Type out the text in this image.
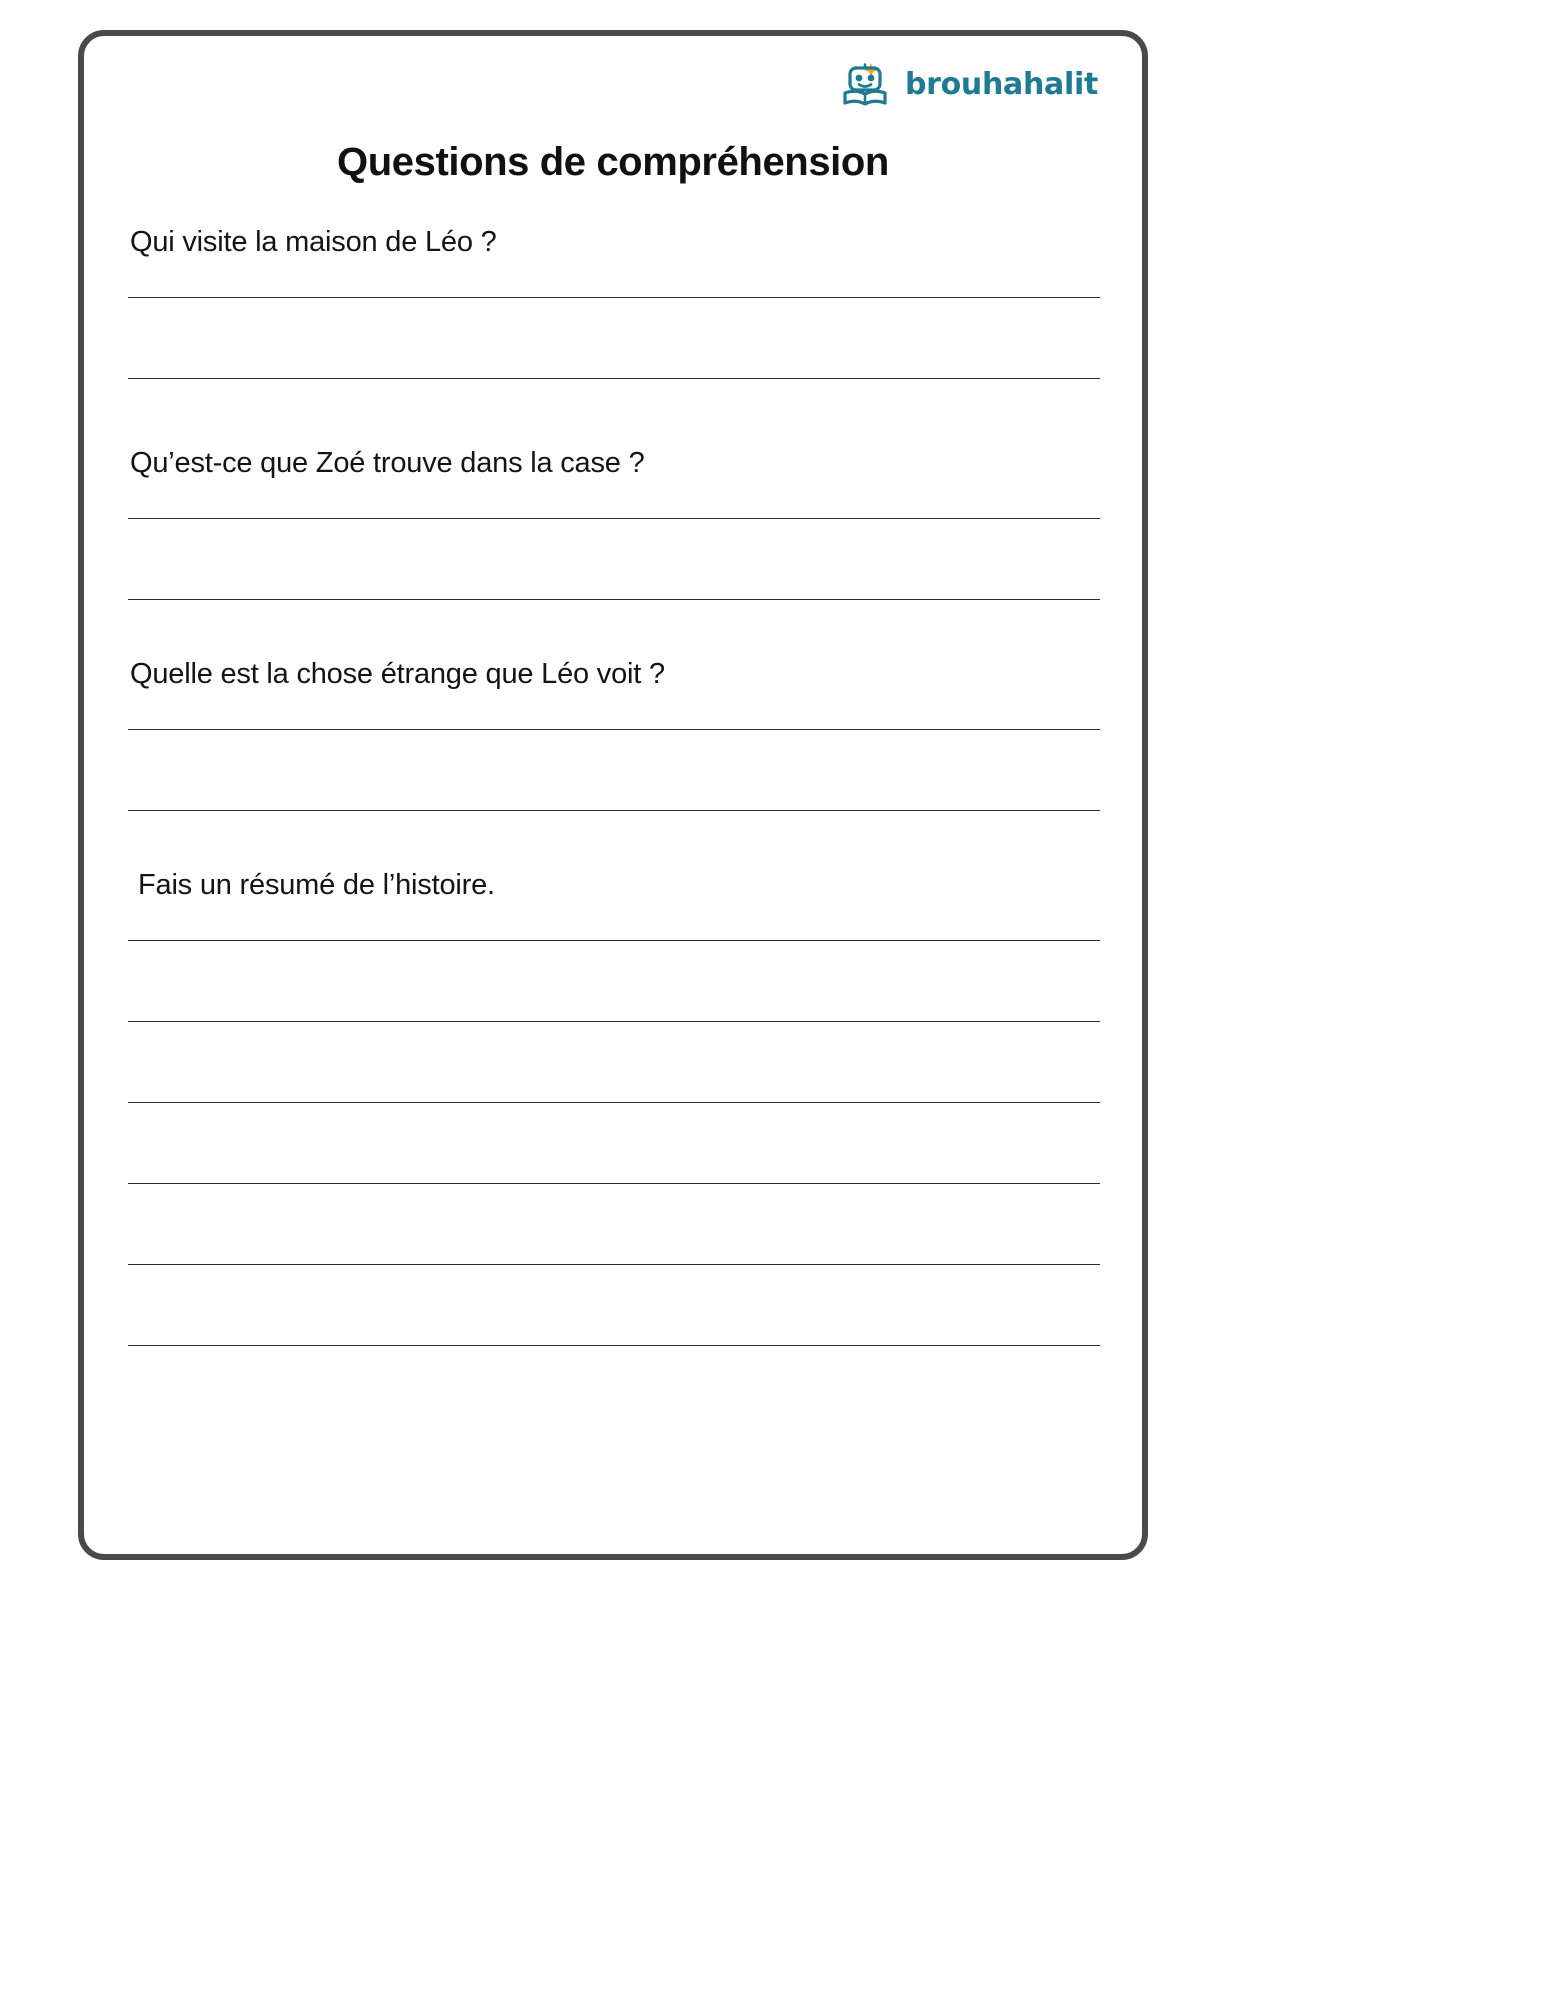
brouhahalit
Questions de compréhension
Qui visite la maison de Léo ?
Qu’est-ce que Zoé trouve dans la case ?
Quelle est la chose étrange que Léo voit ?
Fais un résumé de l’histoire.
